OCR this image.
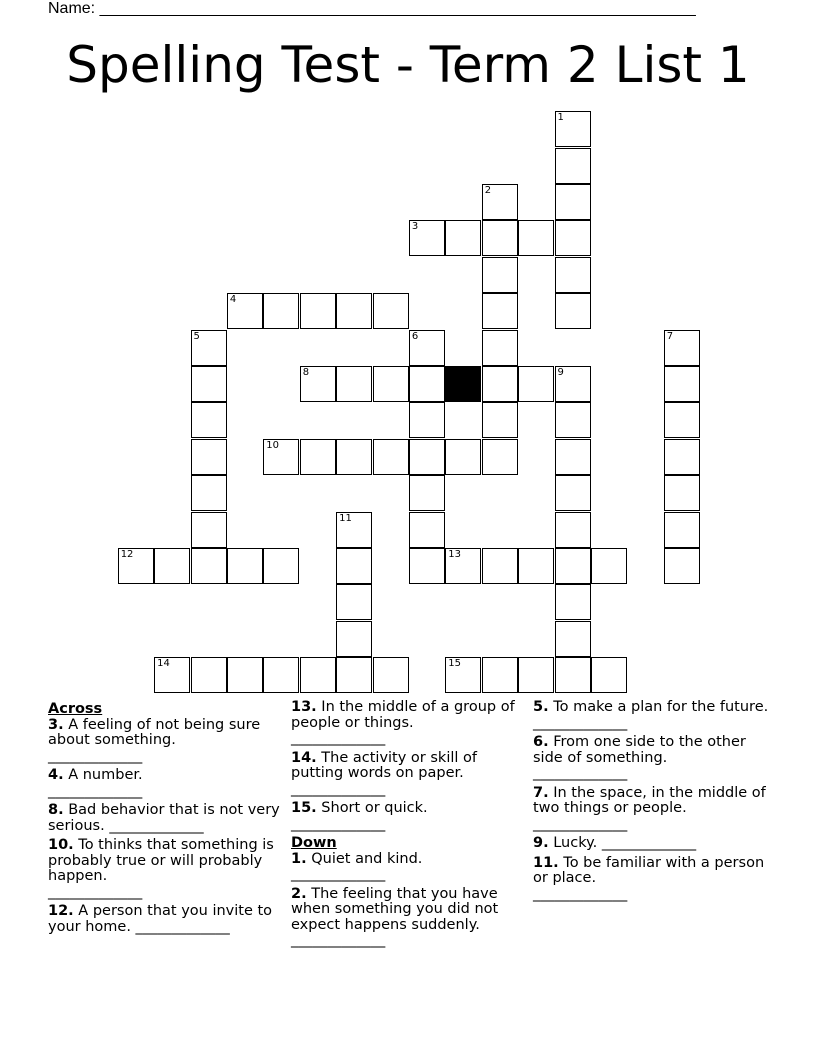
Name: ___________________________________________________________________
Spelling Test - Term 2 List 1
1
2
3
4
5	6	7
8	9
10
11
12	13
14	15
Across
3. A feeling of not being sure about something.
_____________
4. A number.
_____________
8. Bad behavior that is not very serious. _____________
10. To thinks that something is probably true or will probably happen.
_____________
12. A person that you invite to your home. _____________
13. In the middle of a group of people or things.
_____________
14. The activity or skill of putting words on paper.
_____________
15. Short or quick.
_____________
Down
1. Quiet and kind.
_____________
2. The feeling that you have when something you did not expect happens suddenly.
_____________
5. To make a plan for the future. _____________
6. From one side to the other side of something.
_____________
7. In the space, in the middle of two things or people. _____________
9. Lucky. _____________
11. To be familiar with a person or place.
_____________
